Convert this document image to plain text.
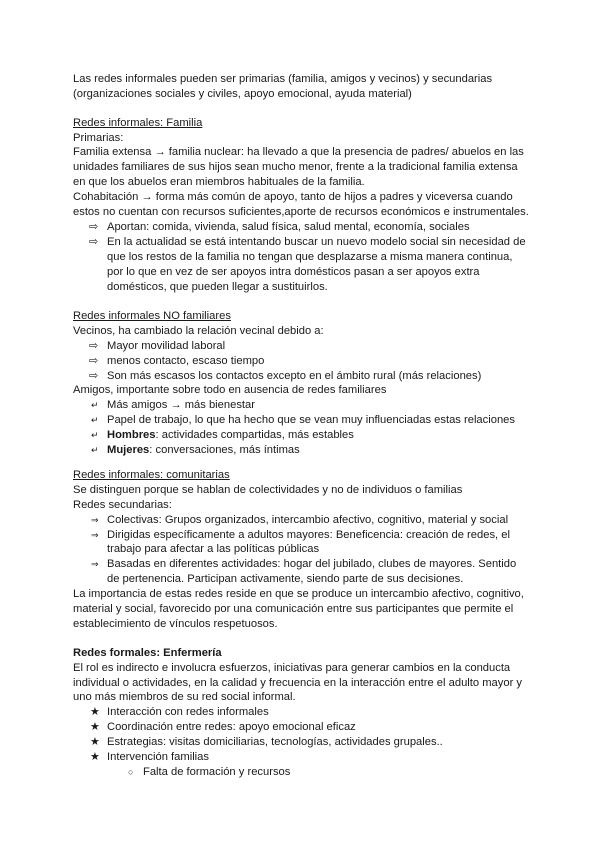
Las redes informales pueden ser primarias (familia, amigos y vecinos) y secundarias
(organizaciones sociales y civiles, apoyo emocional, ayuda material)
Redes informales: Familia
Primarias:
Familia extensa → familia nuclear: ha llevado a que la presencia de padres/ abuelos en las
unidades familiares de sus hijos sean mucho menor, frente a la tradicional familia extensa
en que los abuelos eran miembros habituales de la familia.
Cohabitación → forma más común de apoyo, tanto de hijos a padres y viceversa cuando
estos no cuentan con recursos suficientes,aporte de recursos económicos e instrumentales.
⇨ Aportan: comida, vivienda, salud física, salud mental, economía, sociales
⇨ En la actualidad se está intentando buscar un nuevo modelo social sin necesidad de
que los restos de la familia no tengan que desplazarse a misma manera continua,
por lo que en vez de ser apoyos intra domésticos pasan a ser apoyos extra
domésticos, que pueden llegar a sustituirlos.
Redes informales NO familiares
Vecinos, ha cambiado la relación vecinal debido a:
⇨ Mayor movilidad laboral
⇨ menos contacto, escaso tiempo
⇨ Son más escasos los contactos excepto en el ámbito rural (más relaciones)
Amigos, importante sobre todo en ausencia de redes familiares
↵ Más amigos → más bienestar
↵ Papel de trabajo, lo que ha hecho que se vean muy influenciadas estas relaciones
↵ Hombres: actividades compartidas, más estables
↵ Mujeres: conversaciones, más íntimas
Redes informales: comunitarias
Se distinguen porque se hablan de colectividades y no de individuos o familias
Redes secundarias:
⇒ Colectivas: Grupos organizados, intercambio afectivo, cognitivo, material y social
⇒ Dirigidas específicamente a adultos mayores: Beneficencia: creación de redes, el
trabajo para afectar a las políticas públicas
⇒ Basadas en diferentes actividades: hogar del jubilado, clubes de mayores. Sentido
de pertenencia. Participan activamente, siendo parte de sus decisiones.
La importancia de estas redes reside en que se produce un intercambio afectivo, cognitivo,
material y social, favorecido por una comunicación entre sus participantes que permite el
establecimiento de vínculos respetuosos.
Redes formales: Enfermería
El rol es indirecto e involucra esfuerzos, iniciativas para generar cambios en la conducta
individual o actividades, en la calidad y frecuencia en la interacción entre el adulto mayor y
uno más miembros de su red social informal.
★ Interacción con redes informales
★ Coordinación entre redes: apoyo emocional eficaz
★ Estrategias: visitas domiciliarias, tecnologías, actividades grupales..
★ Intervención familias
○ Falta de formación y recursos
